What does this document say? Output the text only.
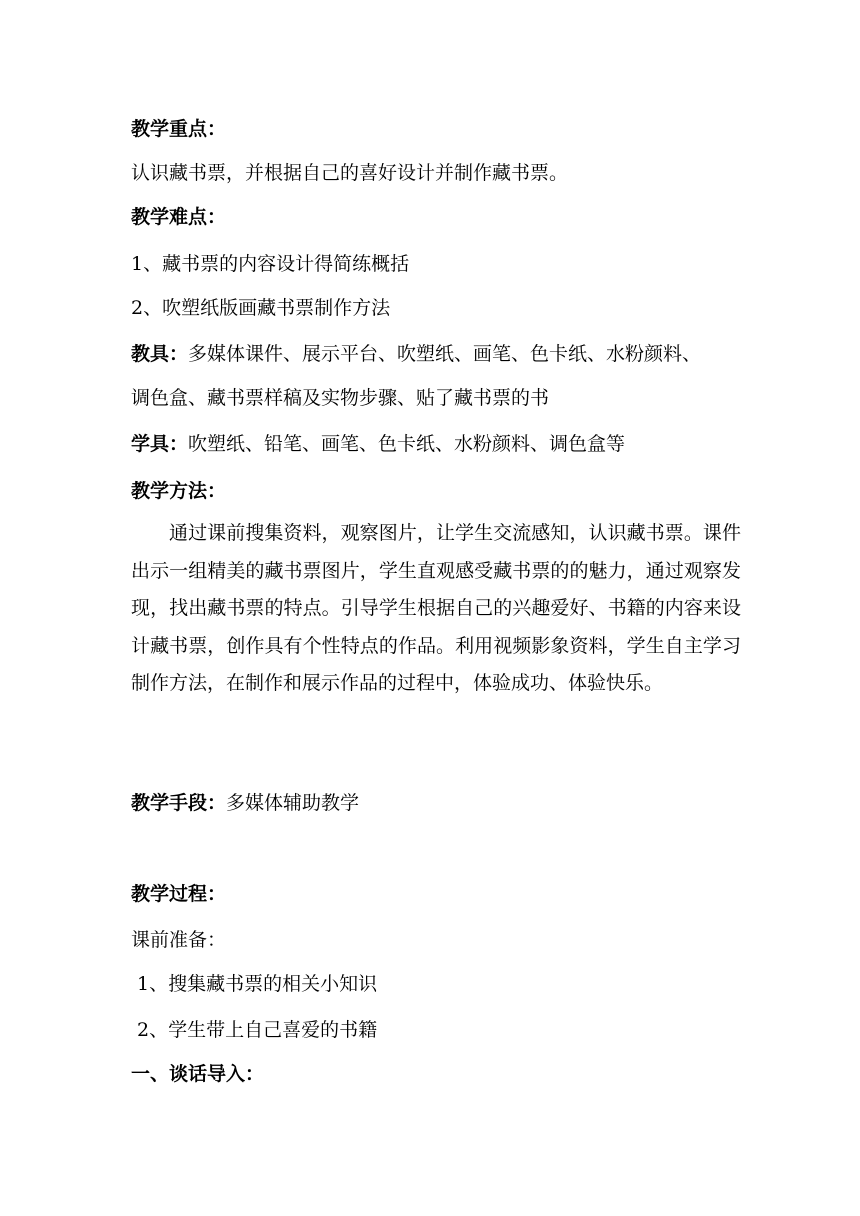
教学重点：
认识藏书票，并根据自己的喜好设计并制作藏书票。
教学难点：
1、藏书票的内容设计得简练概括
2、吹塑纸版画藏书票制作方法
教具：多媒体课件、展示平台、吹塑纸、画笔、色卡纸、水粉颜料、
调色盒、藏书票样稿及实物步骤、贴了藏书票的书
学具：吹塑纸、铅笔、画笔、色卡纸、水粉颜料、调色盒等
教学方法：
通过课前搜集资料，观察图片，让学生交流感知，认识藏书票。课件出示一组精美的藏书票图片，学生直观感受藏书票的的魅力，通过观察发现，找出藏书票的特点。引导学生根据自己的兴趣爱好、书籍的内容来设计藏书票，创作具有个性特点的作品。利用视频影象资料，学生自主学习制作方法，在制作和展示作品的过程中，体验成功、体验快乐。
教学手段：多媒体辅助教学
教学过程：
课前准备：
1、搜集藏书票的相关小知识
2、学生带上自己喜爱的书籍
一、谈话导入：
